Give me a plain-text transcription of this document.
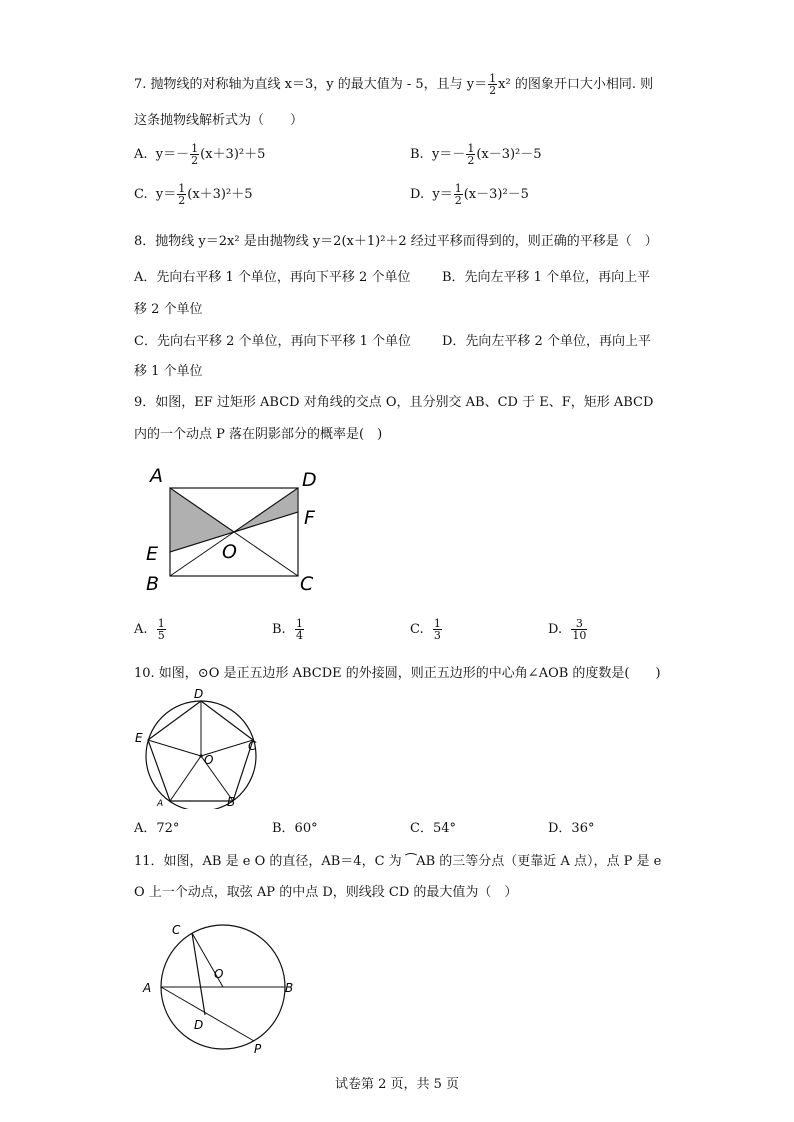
7. 抛物线的对称轴为直线 x＝3，y 的最大值为 - 5，且与 $y= \frac{1}{2} x^2$ 的图象开口大小相同. 则
这条抛物线解析式为（　　）
A. $y=- \frac{1}{2} (x+3)^2+5$	B. $y=- \frac{1}{2} (x-3)^2-5$
C. $y= \frac{1}{2} (x+3)^2+5$	D. $y= \frac{1}{2} (x-3)^2-5$
8．抛物线 y＝2x² 是由抛物线 y＝2(x＋1)²＋2 经过平移而得到的，则正确的平移是（　）
A．先向右平移 1 个单位，再向下平移 2 个单位 B．先向左平移 1 个单位，再向上平
移 2 个单位
C．先向右平移 2 个单位，再向下平移 1 个单位 D．先向左平移 2 个单位，再向上平
移 1 个单位
9．如图，EF 过矩形 ABCD 对角线的交点 O，且分别交 AB、CD 于 E、F，矩形 ABCD
内的一个动点 P 落在阴影部分的概率是(　)
A	D
F
E	O
B	C
A. $\frac{1}{5}$	B. $\frac{1}{4}$	C. $\frac{1}{3}$	D. $\frac{3}{10}$
10. 如图，⊙O 是正五边形 ABCDE 的外接圆，则正五边形的中心角∠AOB 的度数是(　　)
D
E
C
O
A	B
A．72°	B．60°	C．54°	D．36°
11．如图，AB 是 e O 的直径，AB＝4，C 为 ⁀AB 的三等分点（更靠近 A 点），点 P 是 e
O 上一个动点，取弦 AP 的中点 D，则线段 CD 的最大值为（　）
C
O
A	B
D
P
试卷第 2 页，共 5 页
